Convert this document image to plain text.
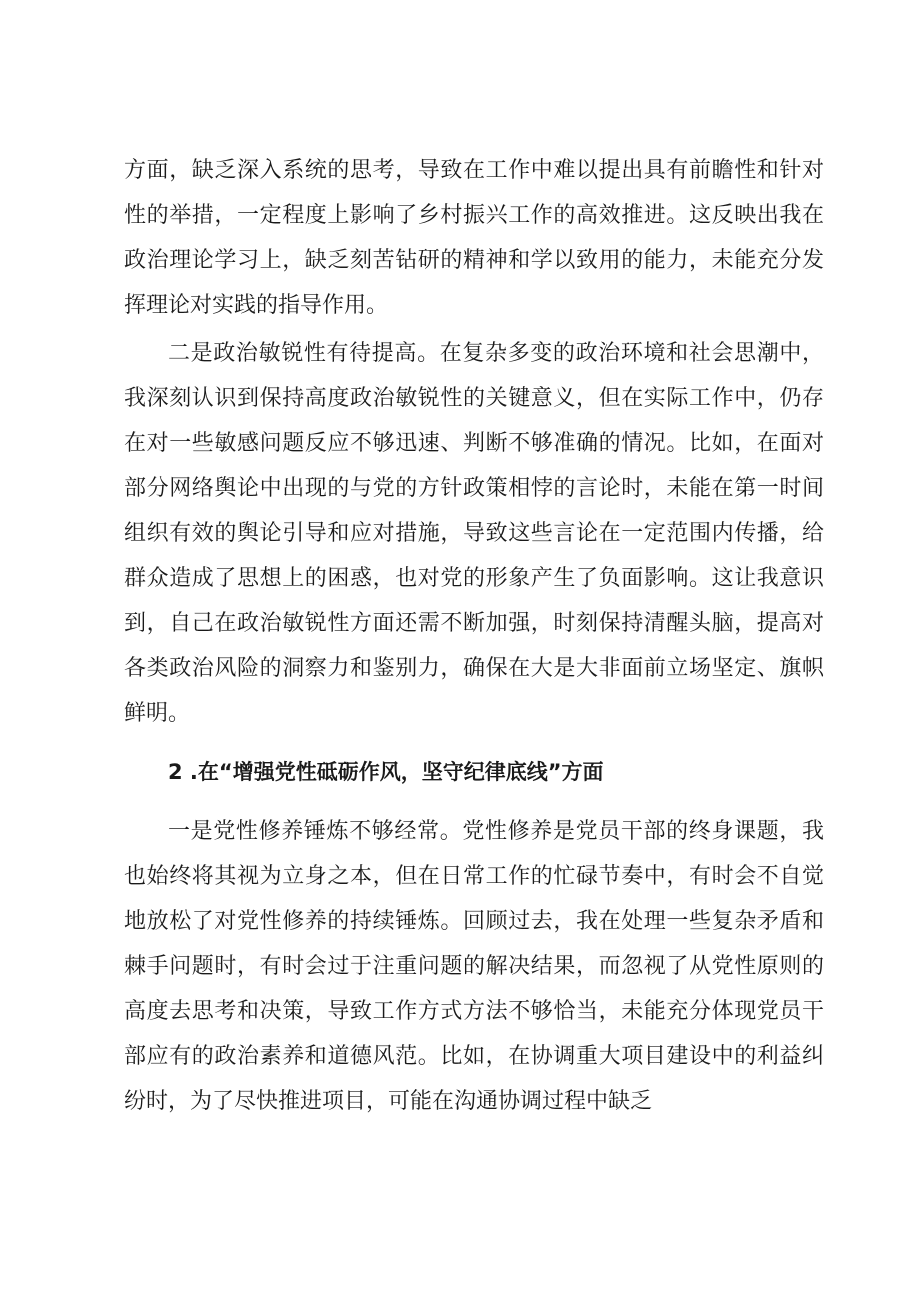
方面，缺乏深入系统的思考，导致在工作中难以提出具有前瞻性和针对性的举措，一定程度上影响了乡村振兴工作的高效推进。这反映出我在政治理论学习上，缺乏刻苦钻研的精神和学以致用的能力，未能充分发挥理论对实践的指导作用。

二是政治敏锐性有待提高。在复杂多变的政治环境和社会思潮中，我深刻认识到保持高度政治敏锐性的关键意义，但在实际工作中，仍存在对一些敏感问题反应不够迅速、判断不够准确的情况。比如，在面对部分网络舆论中出现的与党的方针政策相悖的言论时，未能在第一时间组织有效的舆论引导和应对措施，导致这些言论在一定范围内传播，给群众造成了思想上的困惑，也对党的形象产生了负面影响。这让我意识到，自己在政治敏锐性方面还需不断加强，时刻保持清醒头脑，提高对各类政治风险的洞察力和鉴别力，确保在大是大非面前立场坚定、旗帜鲜明。

2 .在“增强党性砥砺作风，坚守纪律底线”方面

一是党性修养锤炼不够经常。党性修养是党员干部的终身课题，我也始终将其视为立身之本，但在日常工作的忙碌节奏中，有时会不自觉地放松了对党性修养的持续锤炼。回顾过去，我在处理一些复杂矛盾和棘手问题时，有时会过于注重问题的解决结果，而忽视了从党性原则的高度去思考和决策，导致工作方式方法不够恰当，未能充分体现党员干部应有的政治素养和道德风范。比如，在协调重大项目建设中的利益纠纷时，为了尽快推进项目，可能在沟通协调过程中缺乏
